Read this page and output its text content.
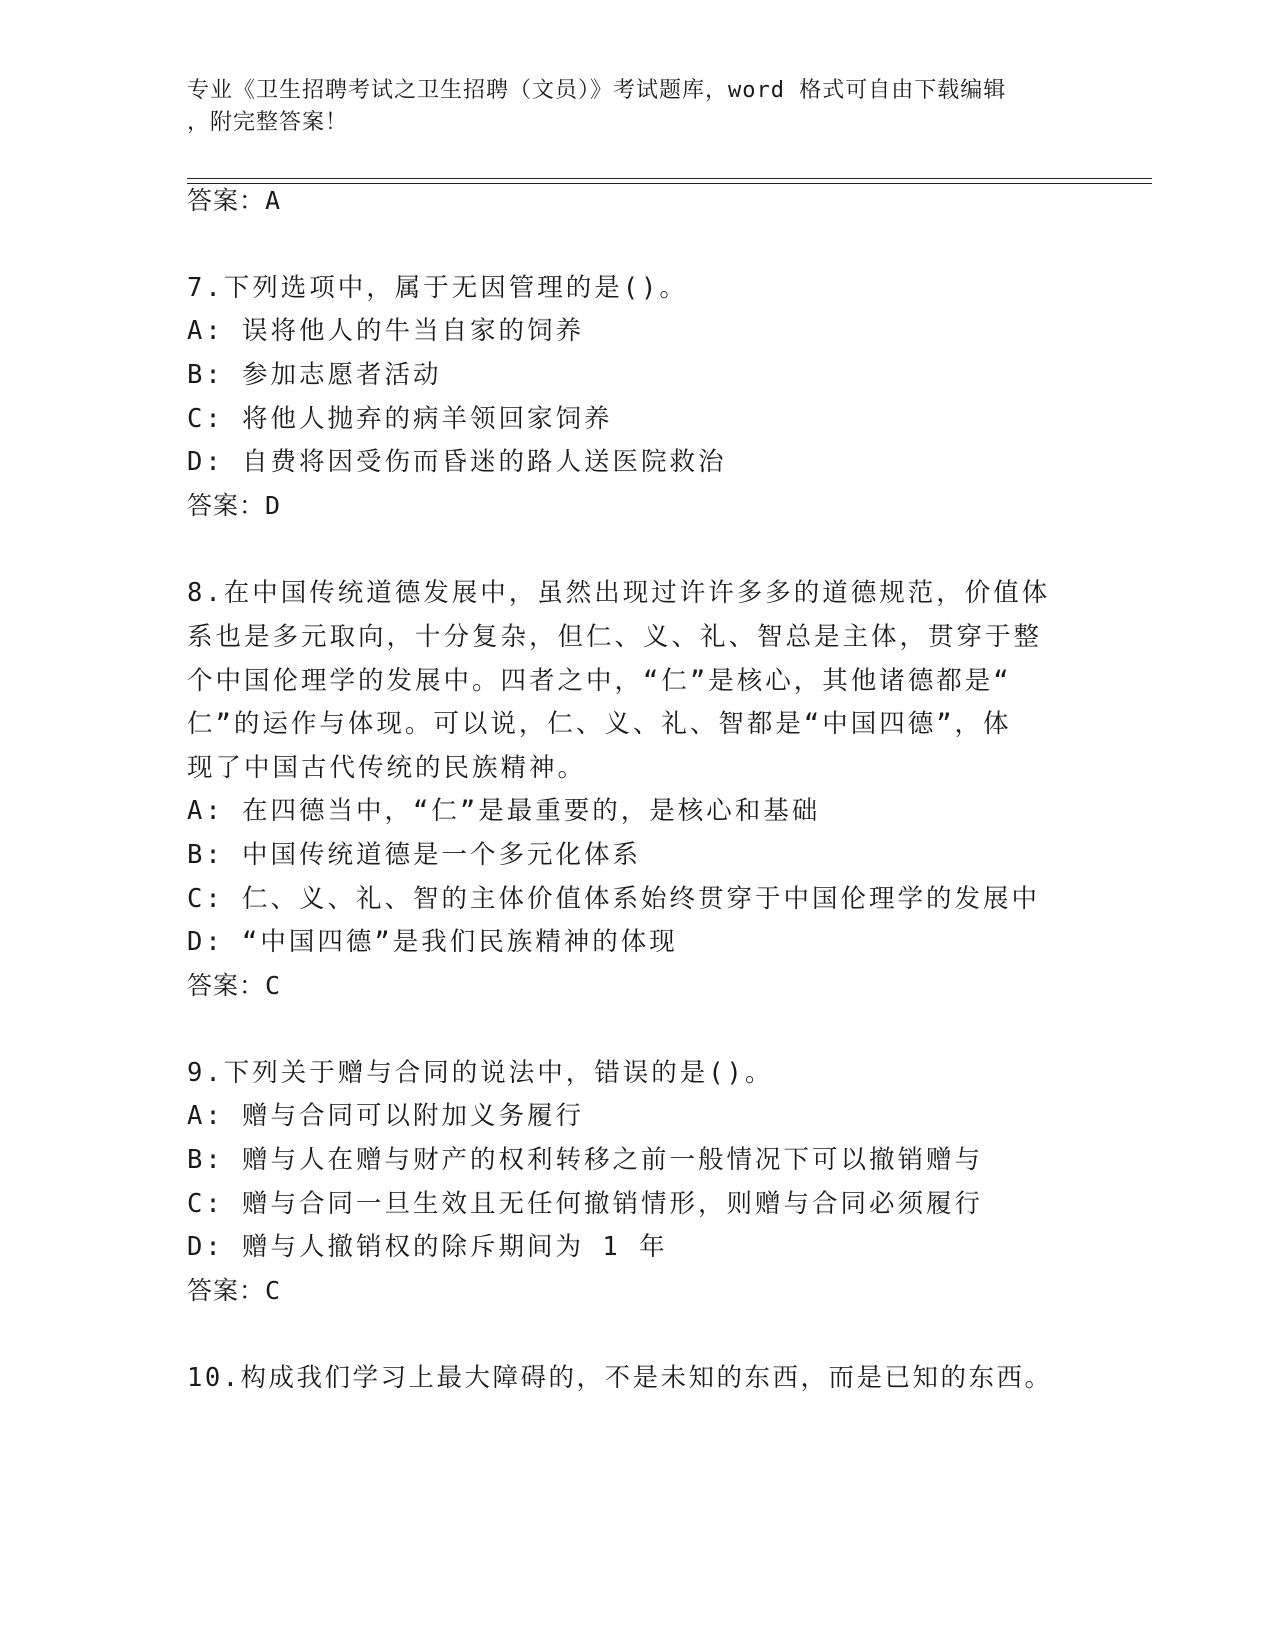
专业《卫生招聘考试之卫生招聘（文员）》考试题库，word 格式可自由下载编辑
，附完整答案！
答案：A
7.下列选项中，属于无因管理的是()。
A: 误将他人的牛当自家的饲养
B: 参加志愿者活动
C: 将他人抛弃的病羊领回家饲养
D: 自费将因受伤而昏迷的路人送医院救治
答案：D
8.在中国传统道德发展中，虽然出现过许许多多的道德规范，价值体
系也是多元取向，十分复杂，但仁、义、礼、智总是主体，贯穿于整
个中国伦理学的发展中。四者之中，“仁”是核心，其他诸德都是“
仁”的运作与体现。可以说，仁、义、礼、智都是“中国四德”，体
现了中国古代传统的民族精神。
A: 在四德当中，“仁”是最重要的，是核心和基础
B: 中国传统道德是一个多元化体系
C: 仁、义、礼、智的主体价值体系始终贯穿于中国伦理学的发展中
D: “中国四德”是我们民族精神的体现
答案：C
9.下列关于赠与合同的说法中，错误的是()。
A: 赠与合同可以附加义务履行
B: 赠与人在赠与财产的权利转移之前一般情况下可以撤销赠与
C: 赠与合同一旦生效且无任何撤销情形，则赠与合同必须履行
D: 赠与人撤销权的除斥期间为 1 年
答案：C
10.构成我们学习上最大障碍的，不是未知的东西，而是已知的东西。
